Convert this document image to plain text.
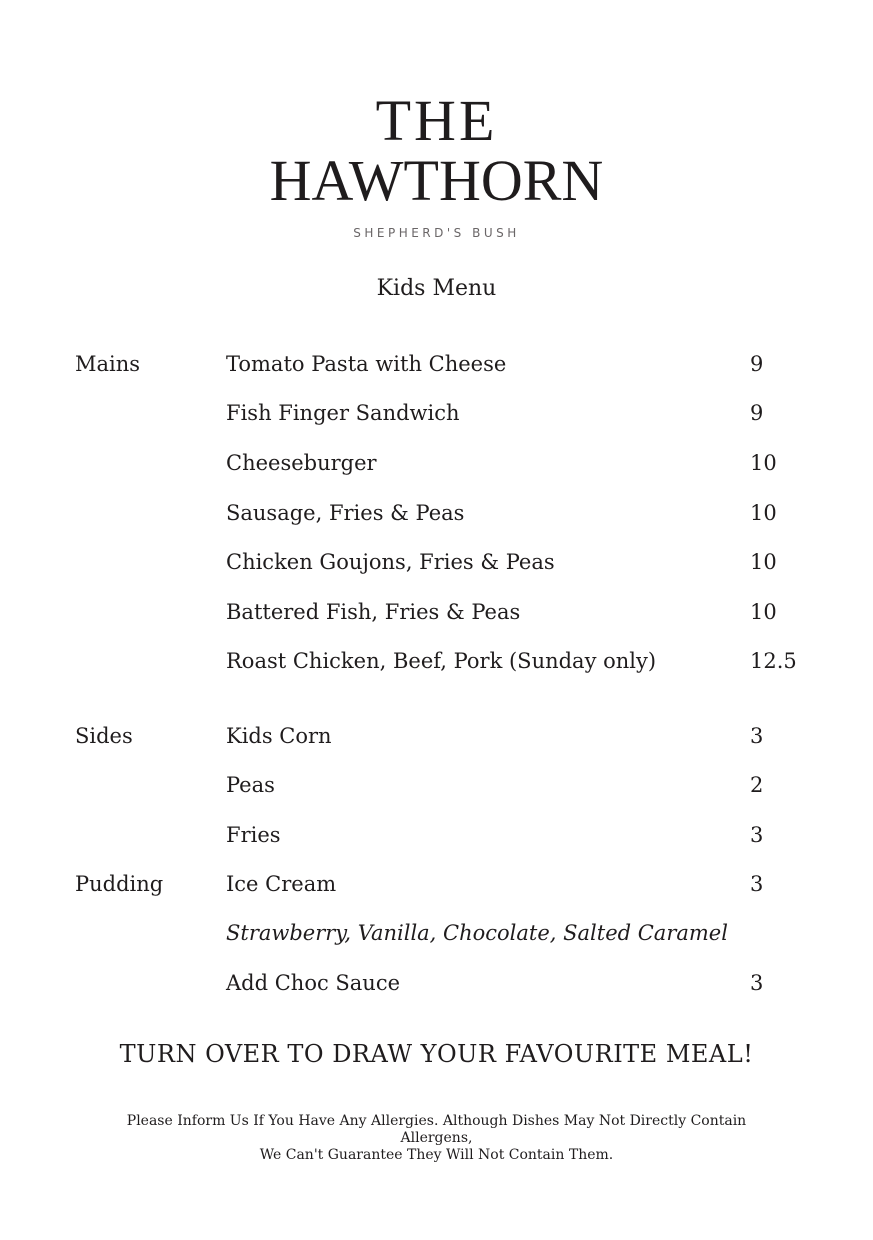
THE
HAWTHORN
SHEPHERD'S BUSH
Kids Menu
Mains	Tomato Pasta with Cheese	9
Fish Finger Sandwich	9
Cheeseburger	10
Sausage, Fries & Peas	10
Chicken Goujons, Fries & Peas	10
Battered Fish, Fries & Peas	10
Roast Chicken, Beef, Pork (Sunday only)	12.5
Sides	Kids Corn	3
Peas	2
Fries	3
Pudding	Ice Cream	3
Strawberry, Vanilla, Chocolate, Salted Caramel
Add Choc Sauce	3
TURN OVER TO DRAW YOUR FAVOURITE MEAL!
Please Inform Us If You Have Any Allergies. Although Dishes May Not Directly Contain
Allergens,
We Can't Guarantee They Will Not Contain Them.
